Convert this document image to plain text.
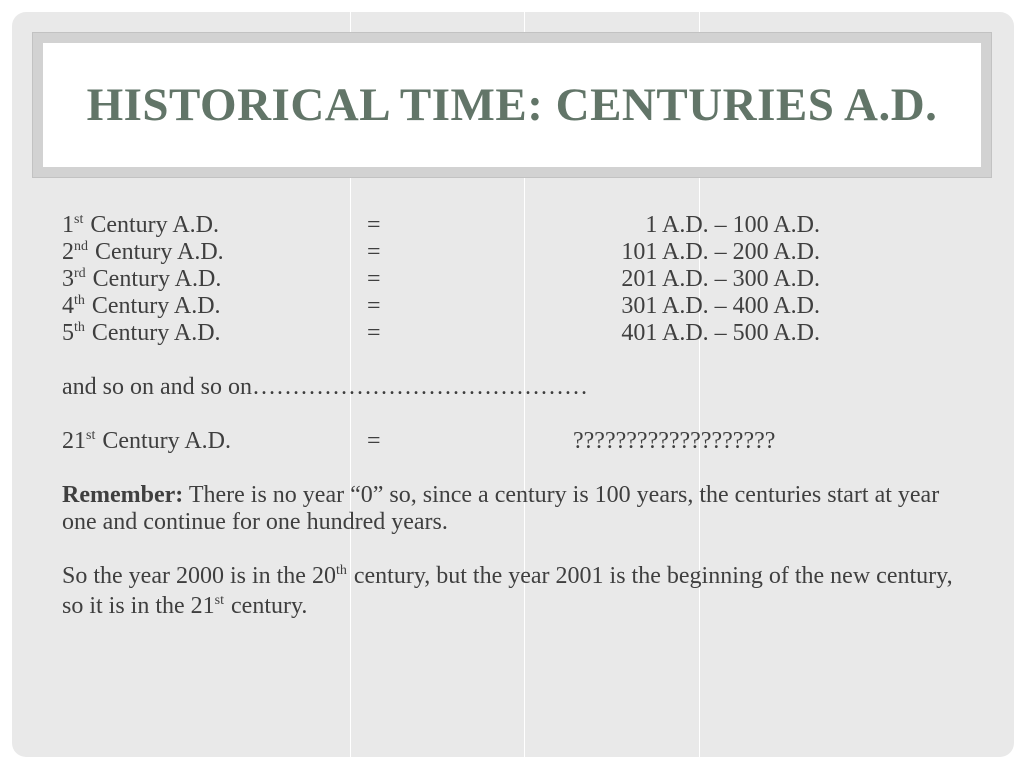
HISTORICAL TIME: CENTURIES A.D.
1st Century A.D.	=	1 A.D. – 100 A.D.
2nd Century A.D.	=	101 A.D. – 200 A.D.
3rd Century A.D.	=	201 A.D. – 300 A.D.
4th Century A.D.	=	301 A.D. – 400 A.D.
5th Century A.D.	=	401 A.D. – 500 A.D.
and so on and so on……………………………………
21st Century A.D.	=	???????????????????

Remember: There is no year “0” so, since a century is 100 years, the centuries start at year one and continue for one hundred years.

So the year 2000 is in the 20th century, but the year 2001 is the beginning of the new century, so it is in the 21st century.
